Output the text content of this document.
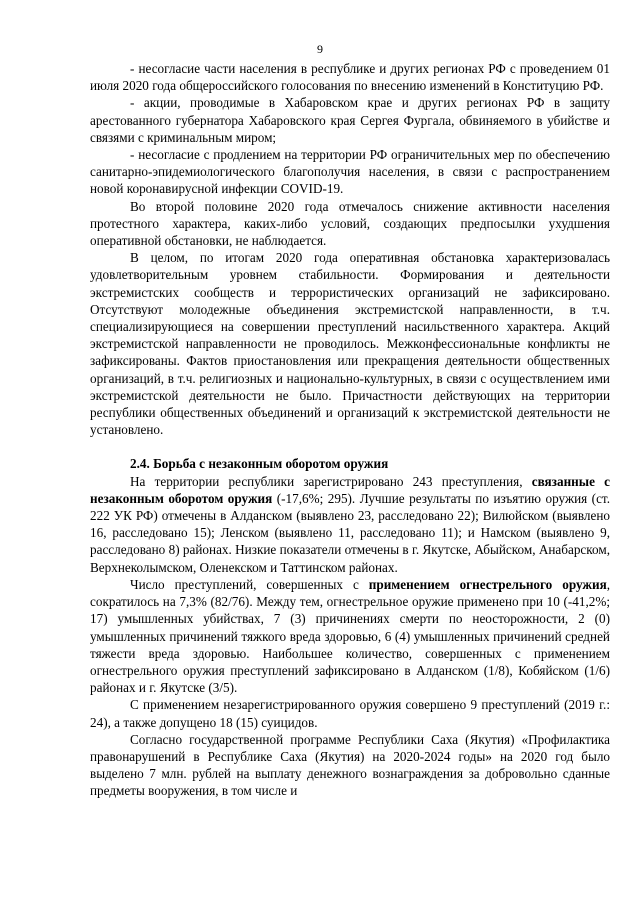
9

- несогласие части населения в республике и других регионах РФ с проведением 01 июля 2020 года общероссийского голосования по внесению изменений в Конституцию РФ.

- акции, проводимые в Хабаровском крае и других регионах РФ в защиту арестованного губернатора Хабаровского края Сергея Фургала, обвиняемого в убийстве и связями с криминальным миром;

- несогласие с продлением на территории РФ ограничительных мер по обеспечению санитарно-эпидемиологического благополучия населения, в связи с распространением новой коронавирусной инфекции COVID-19.

Во второй половине 2020 года отмечалось снижение активности населения протестного характера, каких-либо условий, создающих предпосылки ухудшения оперативной обстановки, не наблюдается.

В целом, по итогам 2020 года оперативная обстановка характеризовалась удовлетворительным уровнем стабильности. Формирования и деятельности экстремистских сообществ и террористических организаций не зафиксировано. Отсутствуют молодежные объединения экстремистской направленности, в т.ч. специализирующиеся на совершении преступлений насильственного характера. Акций экстремистской направленности не проводилось. Межконфессиональные конфликты не зафиксированы. Фактов приостановления или прекращения деятельности общественных организаций, в т.ч. религиозных и национально-культурных, в связи с осуществлением ими экстремистской деятельности не было. Причастности действующих на территории республики общественных объединений и организаций к экстремистской деятельности не установлено.

2.4. Борьба с незаконным оборотом оружия

На территории республики зарегистрировано 243 преступления, связанные с незаконным оборотом оружия (-17,6%; 295). Лучшие результаты по изъятию оружия (ст. 222 УК РФ) отмечены в Алданском (выявлено 23, расследовано 22); Вилюйском (выявлено 16, расследовано 15); Ленском (выявлено 11, расследовано 11); и Намском (выявлено 9, расследовано 8) районах. Низкие показатели отмечены в г. Якутске, Абыйском, Анабарском, Верхнеколымском, Оленекском и Таттинском районах.

Число преступлений, совершенных с применением огнестрельного оружия, сократилось на 7,3% (82/76). Между тем, огнестрельное оружие применено при 10 (-41,2%; 17) умышленных убийствах, 7 (3) причинениях смерти по неосторожности, 2 (0) умышленных причинений тяжкого вреда здоровью, 6 (4) умышленных причинений средней тяжести вреда здоровью. Наибольшее количество, совершенных с применением огнестрельного оружия преступлений зафиксировано в Алданском (1/8), Кобяйском (1/6) районах и г. Якутске (3/5).

С применением незарегистрированного оружия совершено 9 преступлений (2019 г.: 24), а также допущено 18 (15) суицидов.

Согласно государственной программе Республики Саха (Якутия) «Профилактика правонарушений в Республике Саха (Якутия) на 2020-2024 годы» на 2020 год было выделено 7 млн. рублей на выплату денежного вознаграждения за добровольно сданные предметы вооружения, в том числе и
